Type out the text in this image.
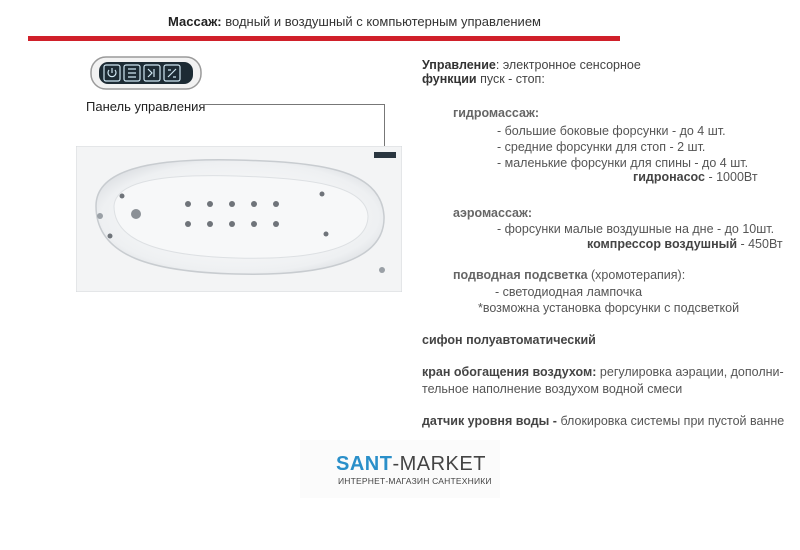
Массаж: водный и воздушный с компьютерным управлением
Панель управления
Управление: электронное сенсорное
функции пуск - стоп:
гидромассаж:
- большие боковые форсунки - до 4 шт.
- средние форсунки для стоп - 2 шт.
- маленькие форсунки для спины - до 4 шт.
гидронасос - 1000Вт
аэромассаж:
- форсунки малые воздушные на дне - до 10шт.
компрессор воздушный - 450Вт
подводная подсветка (хромотерапия):
- светодиодная лампочка
*возможна установка форсунки с подсветкой
сифон полуавтоматический
кран обогащения воздухом: регулировка аэрации, дополни-
тельное наполнение воздухом водной смеси
датчик уровня воды - блокировка системы при пустой ванне
SANT-MARKET
ИНТЕРНЕТ-МАГАЗИН САНТЕХНИКИ
